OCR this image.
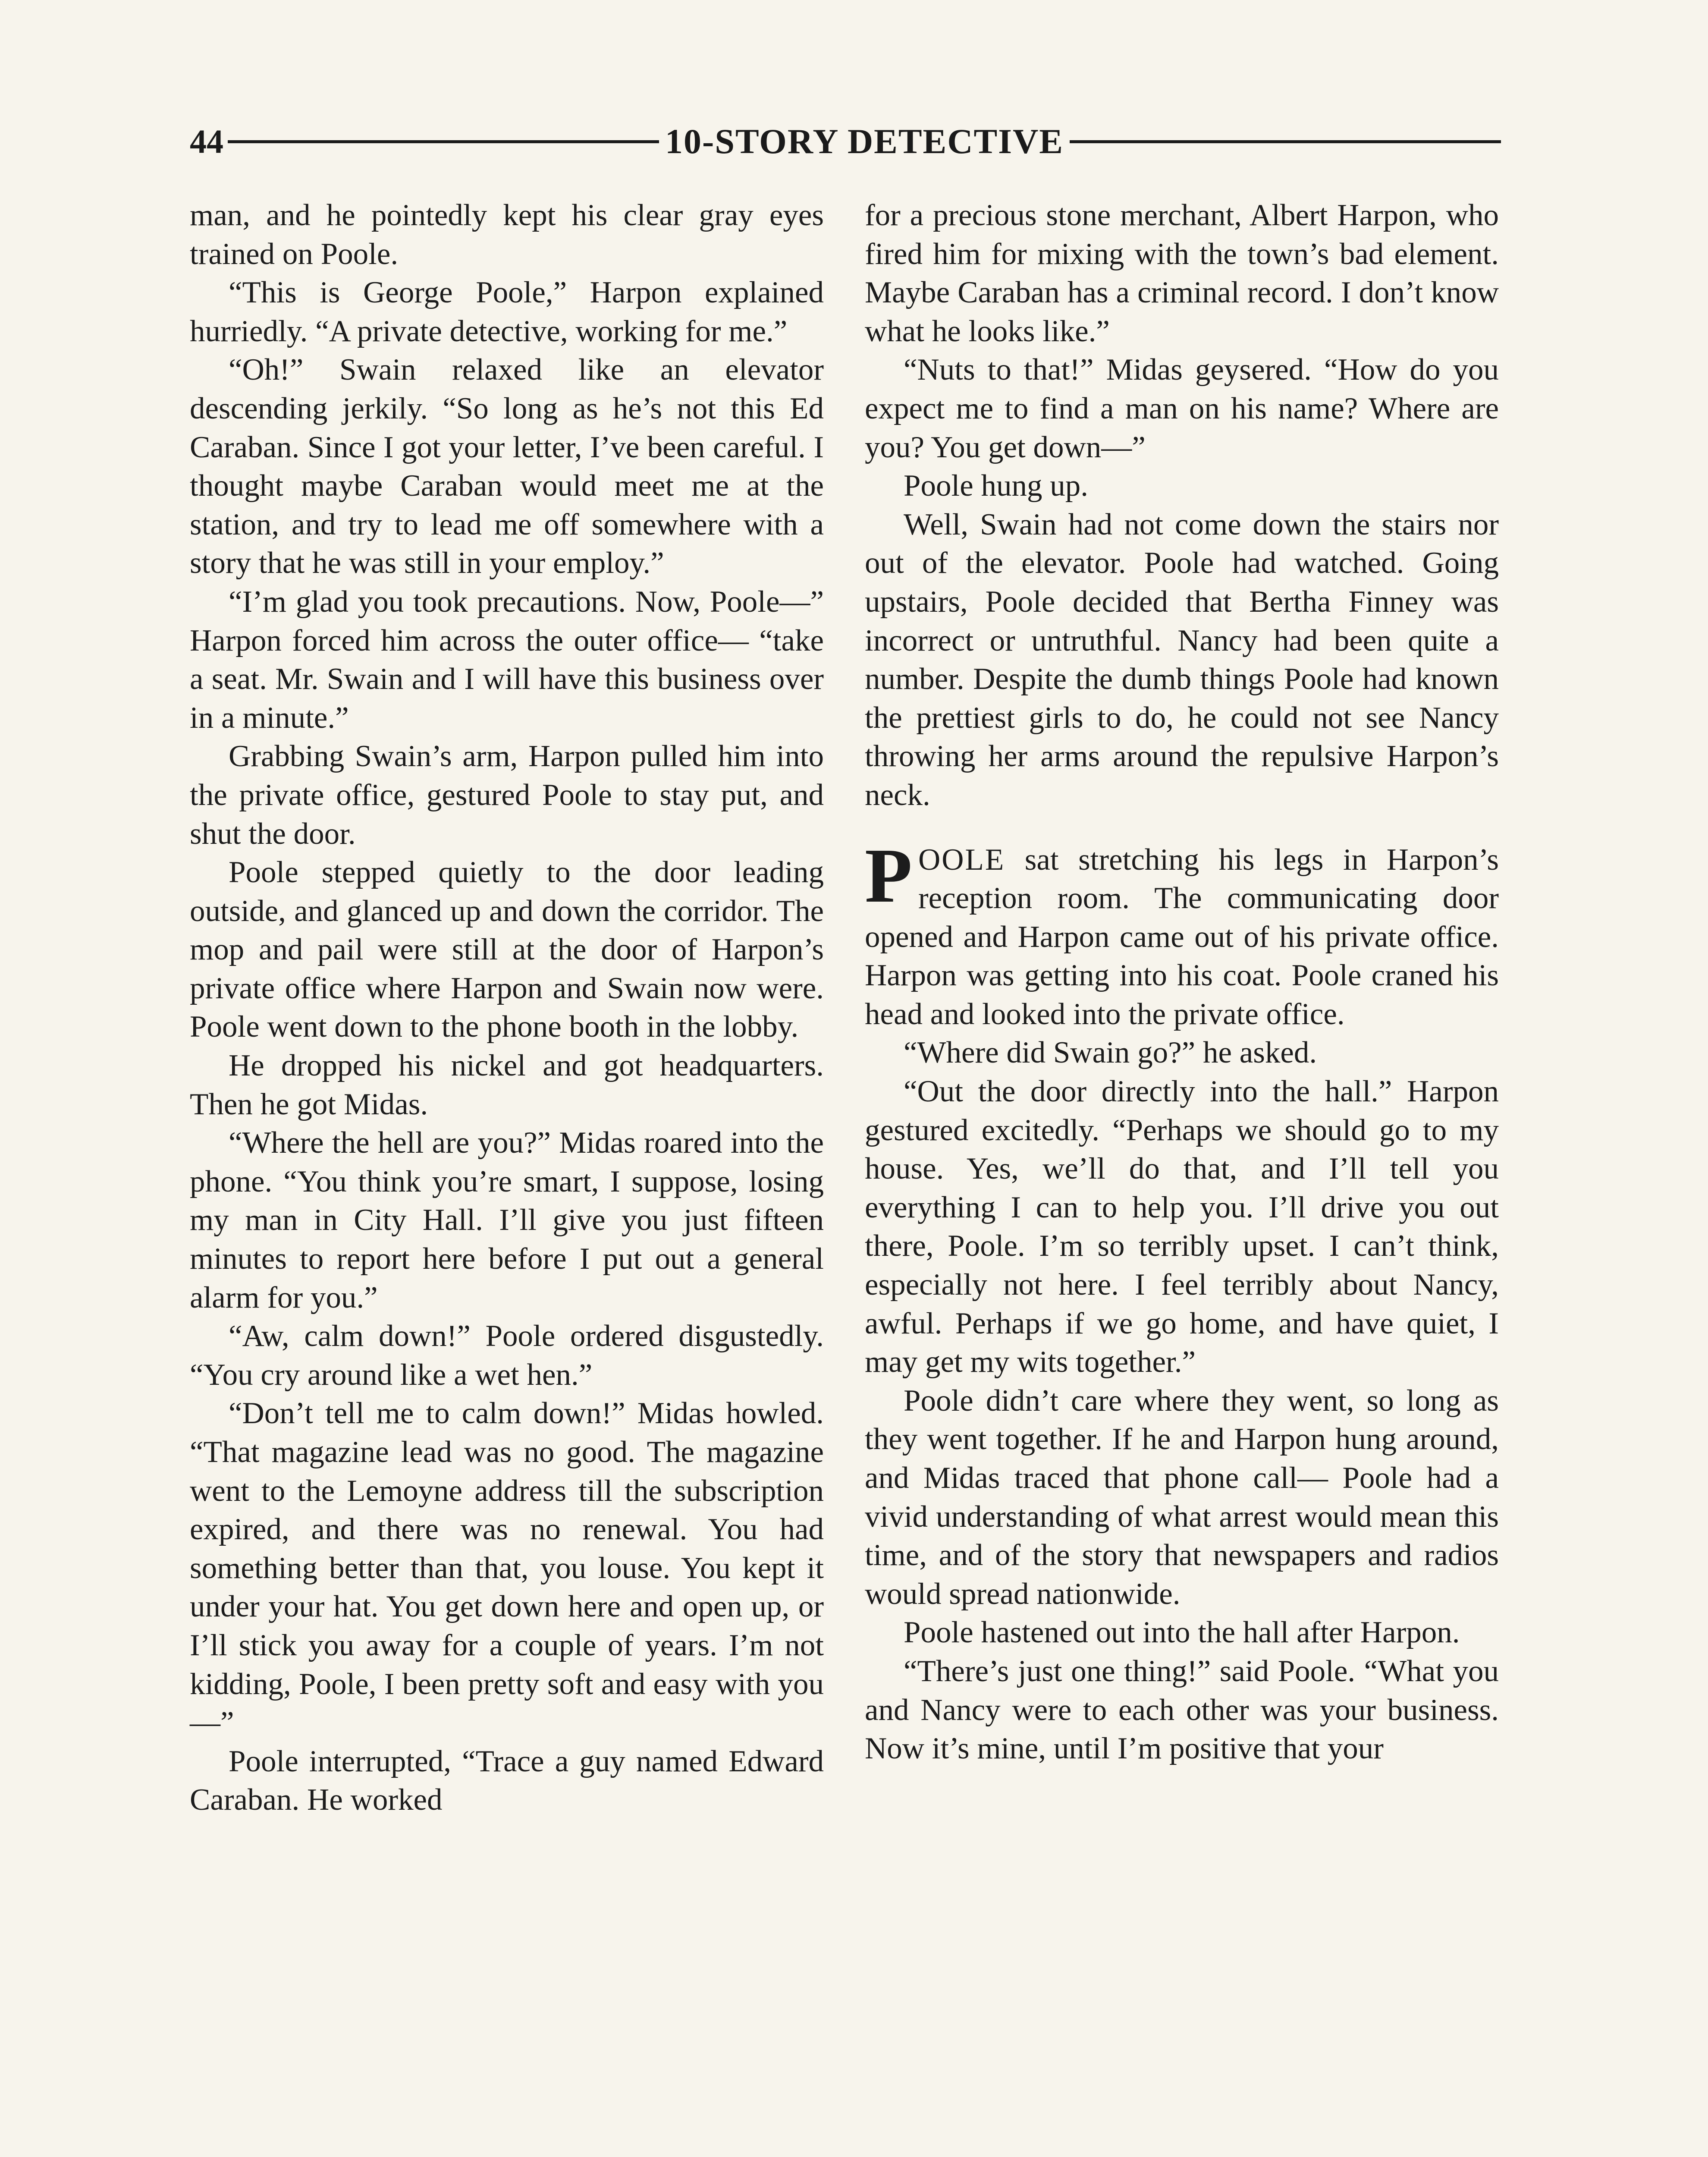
44	10-STORY DETECTIVE

man, and he pointedly kept his clear gray eyes trained on Poole.

“This is George Poole,” Harpon explained hurriedly. “A private detective, working for me.”

“Oh!” Swain relaxed like an elevator descending jerkily. “So long as he’s not this Ed Caraban. Since I got your letter, I’ve been careful. I thought maybe Caraban would meet me at the station, and try to lead me off somewhere with a story that he was still in your employ.”

“I’m glad you took precautions. Now, Poole—” Harpon forced him across the outer office— “take a seat. Mr. Swain and I will have this business over in a minute.”

Grabbing Swain’s arm, Harpon pulled him into the private office, gestured Poole to stay put, and shut the door.

Poole stepped quietly to the door leading outside, and glanced up and down the corridor. The mop and pail were still at the door of Harpon’s private office where Harpon and Swain now were. Poole went down to the phone booth in the lobby.

He dropped his nickel and got headquarters. Then he got Midas.

“Where the hell are you?” Midas roared into the phone. “You think you’re smart, I suppose, losing my man in City Hall. I’ll give you just fifteen minutes to report here before I put out a general alarm for you.”

“Aw, calm down!” Poole ordered disgustedly. “You cry around like a wet hen.”

“Don’t tell me to calm down!” Midas howled. “That magazine lead was no good. The magazine went to the Lemoyne address till the subscription expired, and there was no renewal. You had something better than that, you louse. You kept it under your hat. You get down here and open up, or I’ll stick you away for a couple of years. I’m not kidding, Poole, I been pretty soft and easy with you—”

Poole interrupted, “Trace a guy named Edward Caraban. He worked

for a precious stone merchant, Albert Harpon, who fired him for mixing with the town’s bad element. Maybe Caraban has a criminal record. I don’t know what he looks like.”

“Nuts to that!” Midas geysered. “How do you expect me to find a man on his name? Where are you? You get down—”

Poole hung up.

Well, Swain had not come down the stairs nor out of the elevator. Poole had watched. Going upstairs, Poole decided that Bertha Finney was incorrect or untruthful. Nancy had been quite a number. Despite the dumb things Poole had known the prettiest girls to do, he could not see Nancy throwing her arms around the repulsive Harpon’s neck.

POOLE sat stretching his legs in Harpon’s reception room. The communicating door opened and Harpon came out of his private office. Harpon was getting into his coat. Poole craned his head and looked into the private office.

“Where did Swain go?” he asked.

“Out the door directly into the hall.” Harpon gestured excitedly. “Perhaps we should go to my house. Yes, we’ll do that, and I’ll tell you everything I can to help you. I’ll drive you out there, Poole. I’m so terribly upset. I can’t think, especially not here. I feel terribly about Nancy, awful. Perhaps if we go home, and have quiet, I may get my wits together.”

Poole didn’t care where they went, so long as they went together. If he and Harpon hung around, and Midas traced that phone call— Poole had a vivid understanding of what arrest would mean this time, and of the story that newspapers and radios would spread nationwide.

Poole hastened out into the hall after Harpon.

“There’s just one thing!” said Poole. “What you and Nancy were to each other was your business. Now it’s mine, until I’m positive that your
